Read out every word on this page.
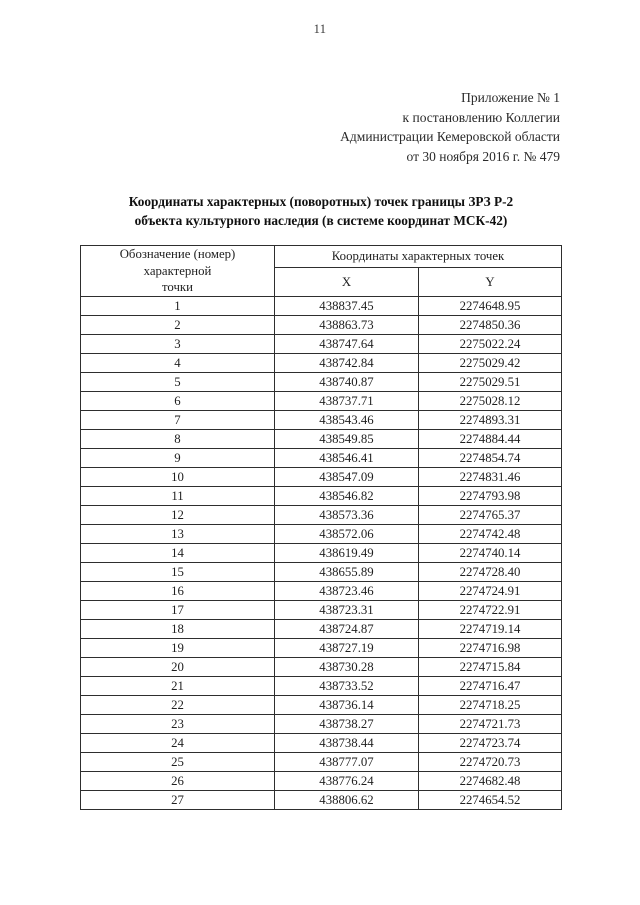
11
Приложение № 1
к постановлению Коллегии
Администрации Кемеровской области
от 30 ноября 2016 г. № 479
Координаты характерных (поворотных) точек границы ЗРЗ Р-2
объекта культурного наследия (в системе координат МСК-42)
Обозначение (номер)
характерной
точки	Координаты характерных точек	
	X	Y
1	438837.45	2274648.95
2	438863.73	2274850.36
3	438747.64	2275022.24
4	438742.84	2275029.42
5	438740.87	2275029.51
6	438737.71	2275028.12
7	438543.46	2274893.31
8	438549.85	2274884.44
9	438546.41	2274854.74
10	438547.09	2274831.46
11	438546.82	2274793.98
12	438573.36	2274765.37
13	438572.06	2274742.48
14	438619.49	2274740.14
15	438655.89	2274728.40
16	438723.46	2274724.91
17	438723.31	2274722.91
18	438724.87	2274719.14
19	438727.19	2274716.98
20	438730.28	2274715.84
21	438733.52	2274716.47
22	438736.14	2274718.25
23	438738.27	2274721.73
24	438738.44	2274723.74
25	438777.07	2274720.73
26	438776.24	2274682.48
27	438806.62	2274654.52
